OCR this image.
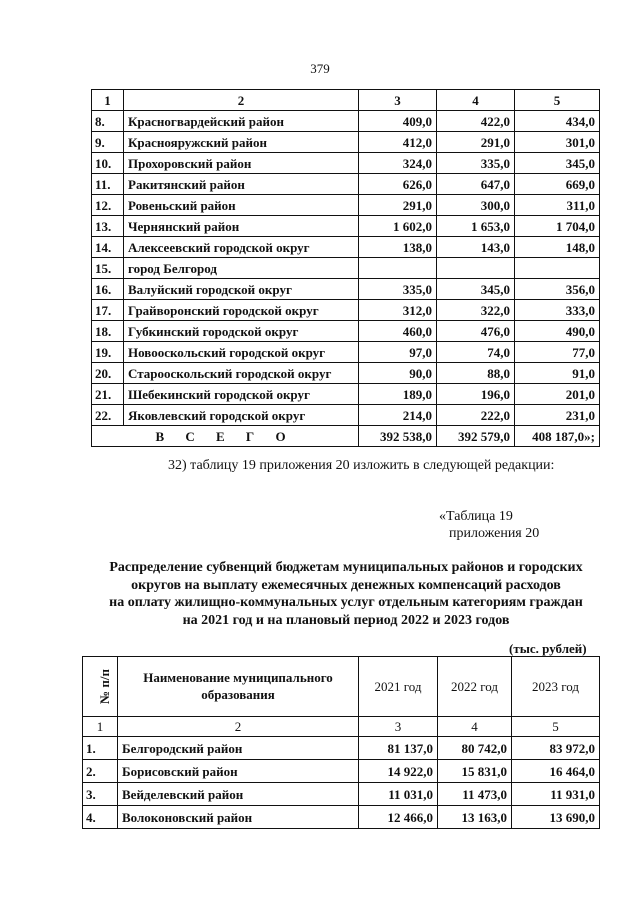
379
1	2	3	4	5
8.	Красногвардейский район	409,0	422,0	434,0
9.	Краснояружский район	412,0	291,0	301,0
10.	Прохоровский район	324,0	335,0	345,0
11.	Ракитянский район	626,0	647,0	669,0
12.	Ровеньский район	291,0	300,0	311,0
13.	Чернянский район	1 602,0	1 653,0	1 704,0
14.	Алексеевский городской округ	138,0	143,0	148,0
15.	город Белгород			
16.	Валуйский городской округ	335,0	345,0	356,0
17.	Грайворонский городской округ	312,0	322,0	333,0
18.	Губкинский городской округ	460,0	476,0	490,0
19.	Новооскольский городской округ	97,0	74,0	77,0
20.	Старооскольский городской округ	90,0	88,0	91,0
21.	Шебекинский городской округ	189,0	196,0	201,0
22.	Яковлевский городской округ	214,0	222,0	231,0
В С Е Г О		392 538,0	392 579,0	408 187,0»;
32) таблицу 19 приложения 20 изложить в следующей редакции:
«Таблица 19
приложения 20
Распределение субвенций бюджетам муниципальных районов и городских
округов на выплату ежемесячных денежных компенсаций расходов
на оплату жилищно-коммунальных услуг отдельным категориям граждан
на 2021 год и на плановый период 2022 и 2023 годов
(тыс. рублей)
№ п/п	Наименование муниципального образования	2021 год	2022 год	2023 год
1	2	3	4	5
1.	Белгородский район	81 137,0	80 742,0	83 972,0
2.	Борисовский район	14 922,0	15 831,0	16 464,0
3.	Вейделевский район	11 031,0	11 473,0	11 931,0
4.	Волоконовский район	12 466,0	13 163,0	13 690,0
